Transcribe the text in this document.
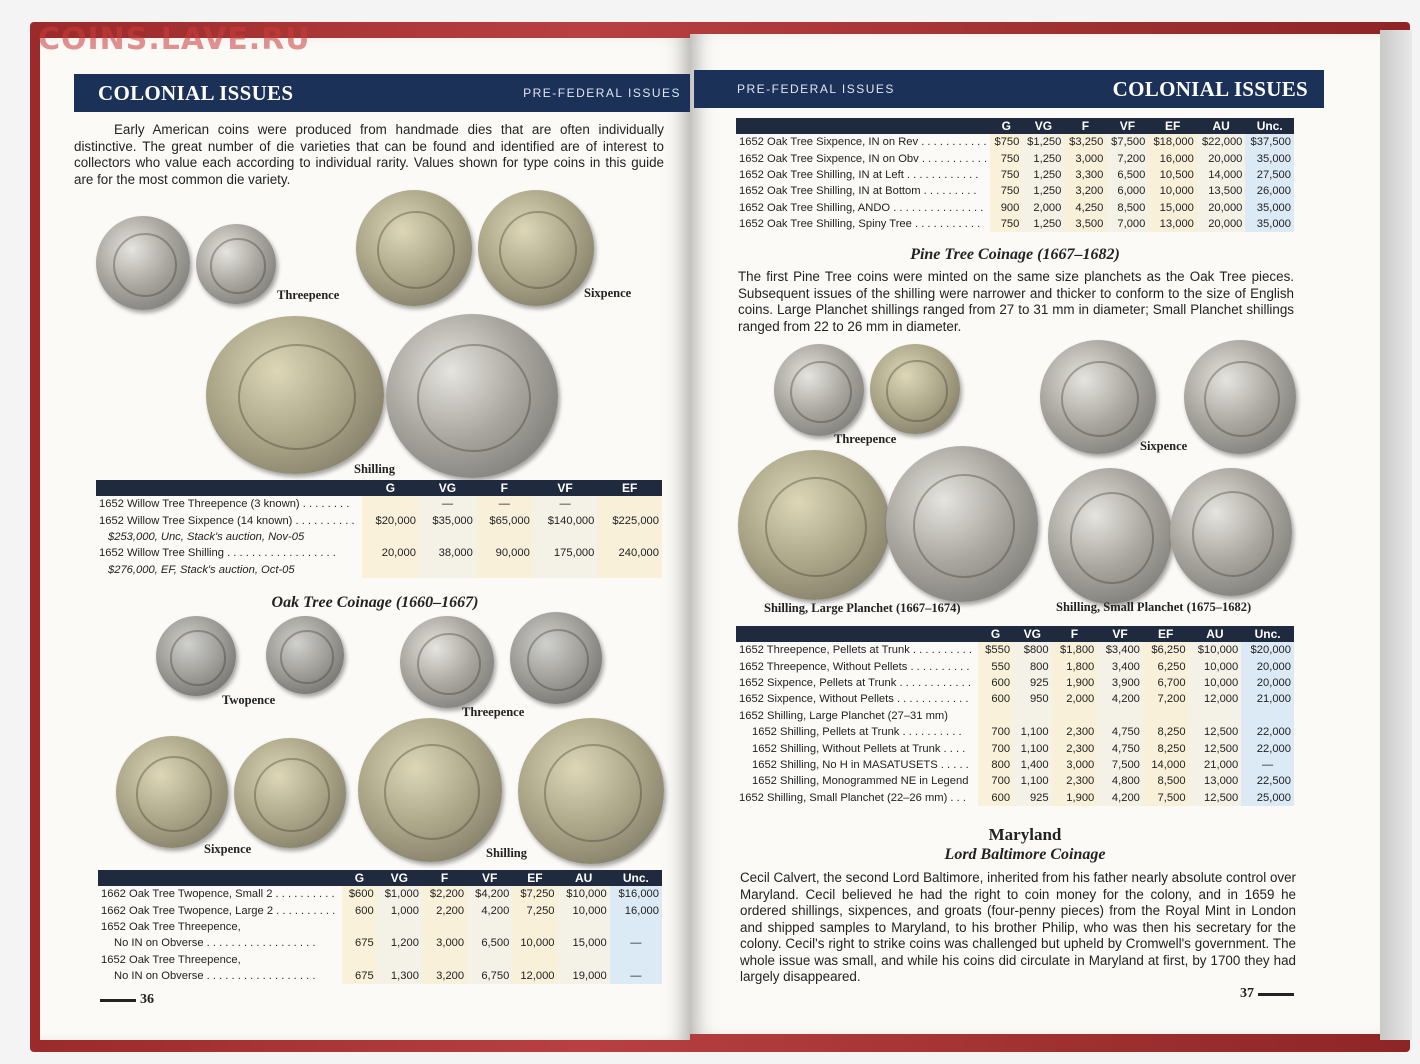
COLONIAL ISSUES	PRE-FEDERAL ISSUES

Early American coins were produced from handmade dies that are often individually distinctive. The great number of die varieties that can be found and identified are of interest to collectors who value each according to individual rarity. Values shown for type coins in this guide are for the most common die variety.

Threepence	Sixpence
Shilling
	G	VG	F	VF	EF
1652 Willow Tree Threepence (3 known) . . . . . . . .		—	—	—	
1652 Willow Tree Sixpence (14 known) . . . . . . . . . .	$20,000	$35,000	$65,000	$140,000	$225,000
$253,000, Unc, Stack's auction, Nov-05					
1652 Willow Tree Shilling . . . . . . . . . . . . . . . . . .	20,000	38,000	90,000	175,000	240,000
$276,000, EF, Stack's auction, Oct-05					
Oak Tree Coinage (1660–1667)
Twopence
Threepence
Sixpence	Shilling
	G	VG	F	VF	EF	AU	Unc.
1662 Oak Tree Twopence, Small 2 . . . . . . . . . .	$600	$1,000	$2,200	$4,200	$7,250	$10,000	$16,000
1662 Oak Tree Twopence, Large 2 . . . . . . . . . .	600	1,000	2,200	4,200	7,250	10,000	16,000
1652 Oak Tree Threepence,							
No IN on Obverse . . . . . . . . . . . . . . . . . .	675	1,200	3,000	6,500	10,000	15,000	—
1652 Oak Tree Threepence,							
No IN on Obverse . . . . . . . . . . . . . . . . . .	675	1,300	3,200	6,750	12,000	19,000	—
36
PRE-FEDERAL ISSUES	COLONIAL ISSUES
	G	VG	F	VF	EF	AU	Unc.
1652 Oak Tree Sixpence, IN on Rev . . . . . . . . . . .	$750	$1,250	$3,250	$7,500	$18,000	$22,000	$37,500
1652 Oak Tree Sixpence, IN on Obv . . . . . . . . . . .	750	1,250	3,000	7,200	16,000	20,000	35,000
1652 Oak Tree Shilling, IN at Left . . . . . . . . . . . .	750	1,250	3,300	6,500	10,500	14,000	27,500
1652 Oak Tree Shilling, IN at Bottom . . . . . . . . .	750	1,250	3,200	6,000	10,000	13,500	26,000
1652 Oak Tree Shilling, ANDO . . . . . . . . . . . . . . .	900	2,000	4,250	8,500	15,000	20,000	35,000
1652 Oak Tree Shilling, Spiny Tree . . . . . . . . . . .	750	1,250	3,500	7,000	13,000	20,000	35,000
Pine Tree Coinage (1667–1682)

The first Pine Tree coins were minted on the same size planchets as the Oak Tree pieces. Subsequent issues of the shilling were narrower and thicker to conform to the size of English coins. Large Planchet shillings ranged from 27 to 31 mm in diameter; Small Planchet shillings ranged from 22 to 26 mm in diameter.

Threepence	Sixpence
Shilling, Large Planchet (1667–1674)	Shilling, Small Planchet (1675–1682)
	G	VG	F	VF	EF	AU	Unc.
1652 Threepence, Pellets at Trunk . . . . . . . . . .	$550	$800	$1,800	$3,400	$6,250	$10,000	$20,000
1652 Threepence, Without Pellets . . . . . . . . . .	550	800	1,800	3,400	6,250	10,000	20,000
1652 Sixpence, Pellets at Trunk . . . . . . . . . . . .	600	925	1,900	3,900	6,700	10,000	20,000
1652 Sixpence, Without Pellets . . . . . . . . . . . .	600	950	2,000	4,200	7,200	12,000	21,000
1652 Shilling, Large Planchet (27–31 mm)							
1652 Shilling, Pellets at Trunk . . . . . . . . . .	700	1,100	2,300	4,750	8,250	12,500	22,000
1652 Shilling, Without Pellets at Trunk . . . .	700	1,100	2,300	4,750	8,250	12,500	22,000
1652 Shilling, No H in MASATUSETS . . . . .	800	1,400	3,000	7,500	14,000	21,000	—
1652 Shilling, Monogrammed NE in Legend	700	1,100	2,300	4,800	8,500	13,000	22,500
1652 Shilling, Small Planchet (22–26 mm) . . .	600	925	1,900	4,200	7,500	12,500	25,000
Maryland
Lord Baltimore Coinage

Cecil Calvert, the second Lord Baltimore, inherited from his father nearly absolute control over Maryland. Cecil believed he had the right to coin money for the colony, and in 1659 he ordered shillings, sixpences, and groats (four-penny pieces) from the Royal Mint in London and shipped samples to Maryland, to his brother Philip, who was then his secretary for the colony. Cecil's right to strike coins was challenged but upheld by Cromwell's government. The whole issue was small, and while his coins did circulate in Maryland at first, by 1700 they had largely disappeared.

37
COINS.LAVE.RU
